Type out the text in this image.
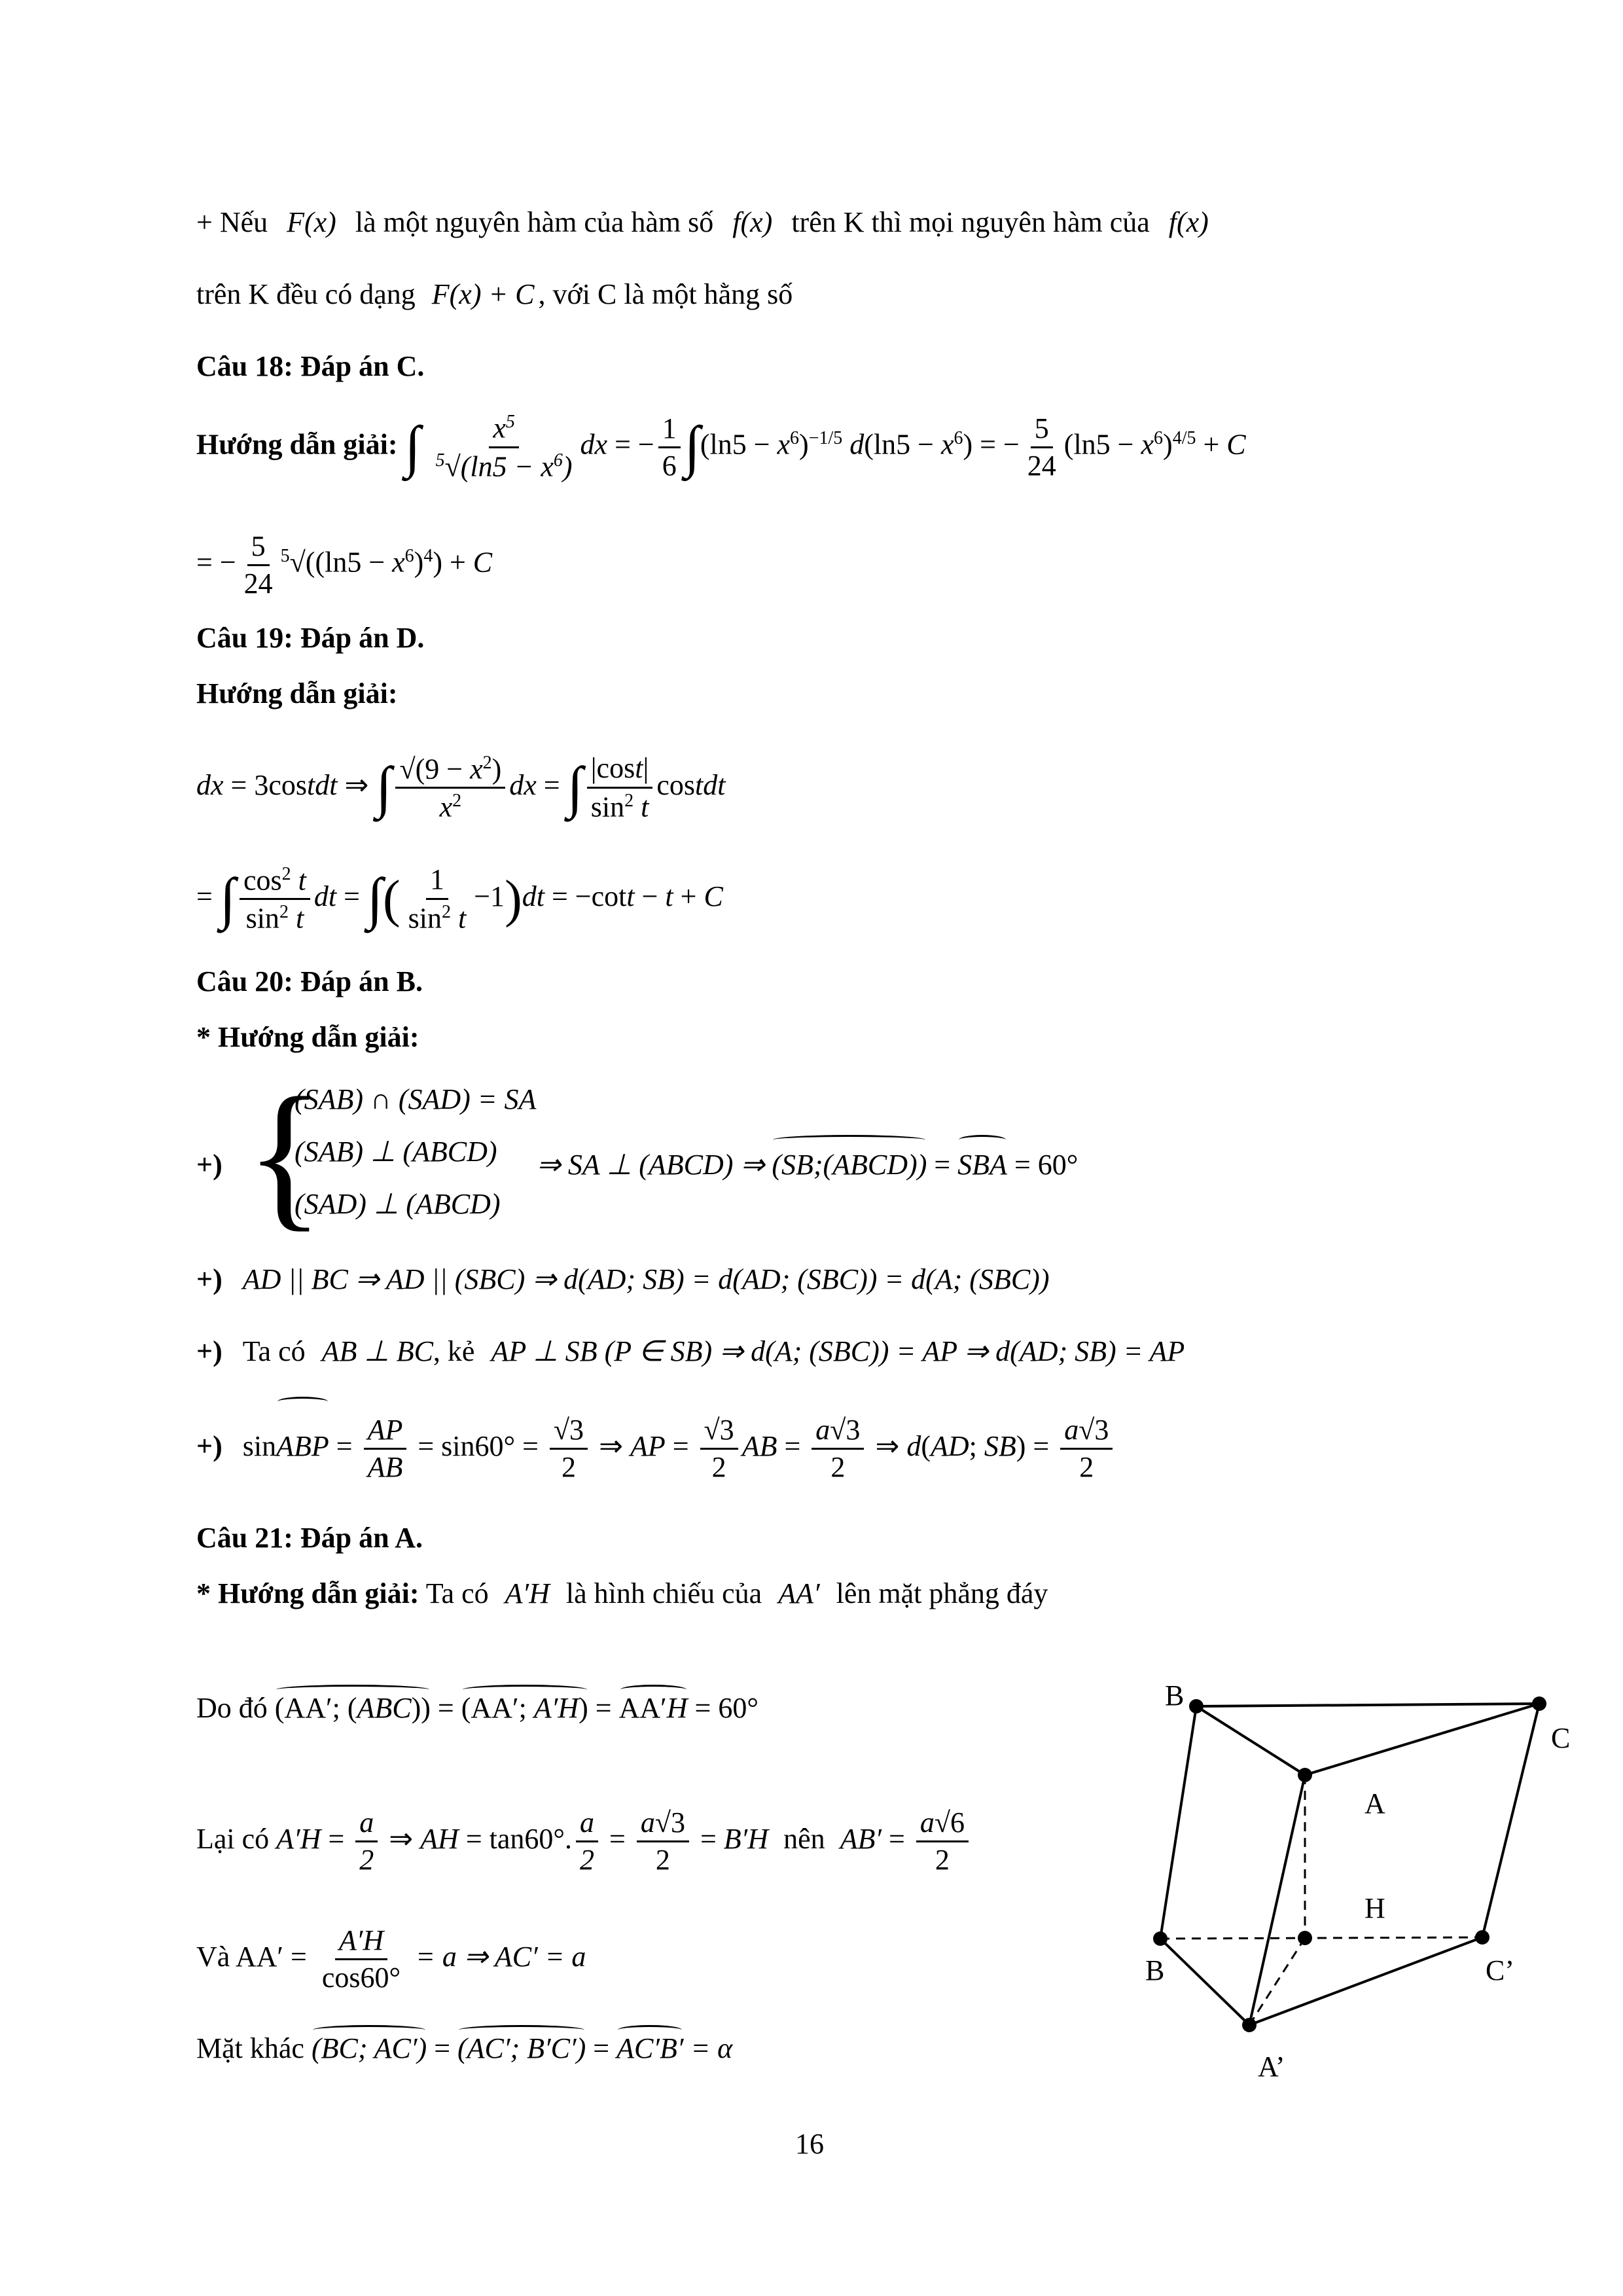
+ Nếu F(x) là một nguyên hàm của hàm số f(x) trên K thì mọi nguyên hàm của f(x)
trên K đều có dạng F(x) + C , với C là một hằng số
Câu 18: Đáp án C.
Hướng dẫn giải: ∫ $\frac{x^5}{^5√(\ln 5 - x^6)}$ dx = − $\frac{1}{6} \int(\ln 5 - x^6)^{-1/5}$ $d(\ln 5 - x^6)$ = − $\frac{5}{24} (\ln 5 - x^6)^{4/5} + C$
= − $\frac{5}{24} ^5√((\ln 5 - x^6)^4) + C$
Câu 19: Đáp án D.
Hướng dẫn giải:
dx = 3costdt ⇒ ∫ $\frac{√(9 - x^2)}{x^2}$ dx = ∫ $\frac{|\cos t|}{\sin^2 t}$ costdt
= ∫ $\frac{\cos^2 t}{\sin^2 t}$ dt = ∫( $\frac{1}{\sin^2 t} -1)dt = -\cot t - t + C$
Câu 20: Đáp án B.
* Hướng dẫn giải:
+) {
(SAB) ∩ (SAD) = SA
(SAB) ⊥ (ABCD)
(SAD) ⊥ (ABCD)
⇒ SA ⊥ (ABCD) ⇒ (SB;(ABCD)) = SBA = 60°
+) AD || BC ⇒ AD || (SBC) ⇒ d(AD; SB) = d(AD; (SBC)) = d(A; (SBC))
+) Ta có AB ⊥ BC, kẻ AP ⊥ SB (P ∈ SB) ⇒ d(A; (SBC)) = AP ⇒ d(AD; SB) = AP
+) sinABP = $\frac{AP}{AB} = \sin 60^\circ = \frac{√3}{2}$ ⇒ AP = $\frac{√3}{2}$ AB = $\frac{a√3}{2}$ ⇒ d(AD; $SB) = \frac{a√3}{2}$
Câu 21: Đáp án A.
* Hướng dẫn giải: Ta có A′H là hình chiếu của AA′ lên mặt phẳng đáy
Do đó (AA′; (ABC)) = (AA′; A′H) = AA′H = 60°
Lại có $A'H = \frac{a}{2}$ ⇒ AH = tan60°. $\frac{a}{2} = \frac{a√3}{2} = B'H$ nên $AB' = \frac{a√6}{2}$
Và $AA' = \frac{A'H}{\cos 60^\circ} = a$ ⇒ AC′ = a
Mặt khác (BC; AC′) = (AC′; B′C′) = AC′B′ = α
B
C
A
H
B	C’
A’
16
